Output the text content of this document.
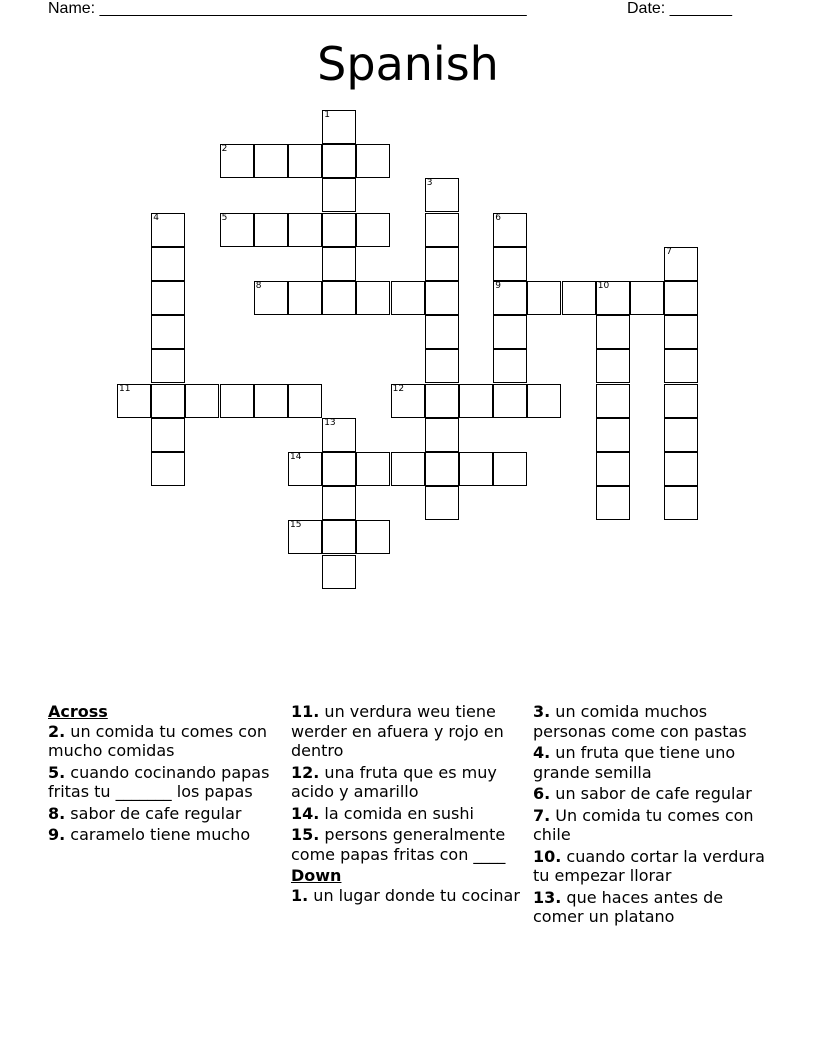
Name: ________________________________________________	Date: _______
Spanish
1
2
3
4	5	6
7
8	9	10
11	12
13
14
15
Across
2. un comida tu comes con mucho comidas
5. cuando cocinando papas fritas tu _______ los papas
8. sabor de cafe regular
9. caramelo tiene mucho
11. un verdura weu tiene werder en afuera y rojo en dentro
12. una fruta que es muy acido y amarillo
14. la comida en sushi
15. persons generalmente come papas fritas con ____
Down
1. un lugar donde tu cocinar
3. un comida muchos personas come con pastas
4. un fruta que tiene uno grande semilla
6. un sabor de cafe regular
7. Un comida tu comes con chile
10. cuando cortar la verdura tu empezar llorar
13. que haces antes de comer un platano
